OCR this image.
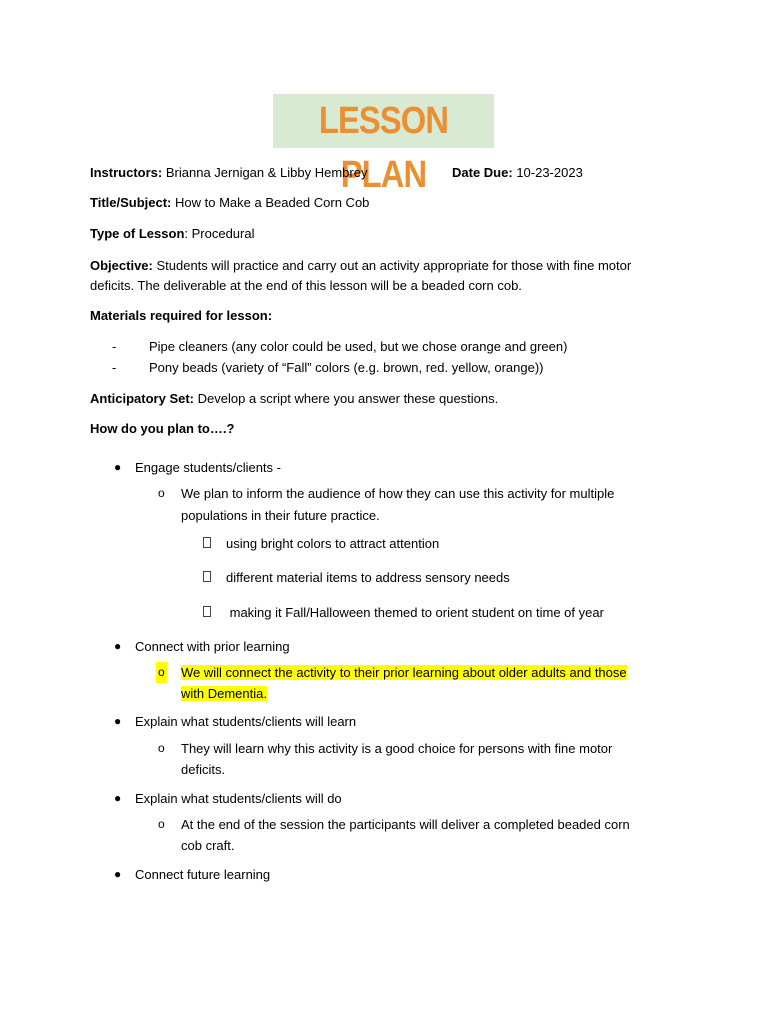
LESSON PLAN
Instructors: Brianna Jernigan & Libby Hembrey	Date Due: 10-23-2023
Title/Subject: How to Make a Beaded Corn Cob
Type of Lesson: Procedural
Objective: Students will practice and carry out an activity appropriate for those with fine motor
deficits. The deliverable at the end of this lesson will be a beaded corn cob.
Materials required for lesson:
-	Pipe cleaners (any color could be used, but we chose orange and green)
-	Pony beads (variety of “Fall” colors (e.g. brown, red. yellow, orange))
Anticipatory Set: Develop a script where you answer these questions.
How do you plan to….?
● Engage students/clients -
o We plan to inform the audience of how they can use this activity for multiple
populations in their future practice.
using bright colors to attract attention
different material items to address sensory needs
making it Fall/Halloween themed to orient student on time of year
● Connect with prior learning
o We will connect the activity to their prior learning about older adults and those
with Dementia.
● Explain what students/clients will learn
o They will learn why this activity is a good choice for persons with fine motor
deficits.
● Explain what students/clients will do
o At the end of the session the participants will deliver a completed beaded corn
cob craft.
● Connect future learning
